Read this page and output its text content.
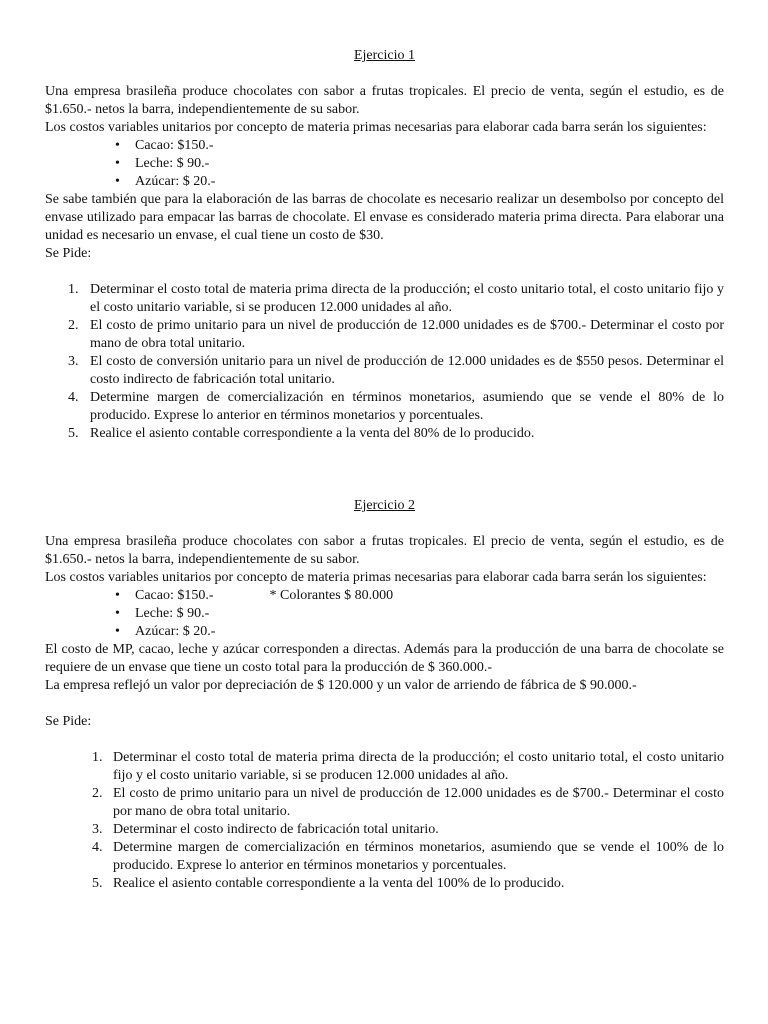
Ejercicio 1

Una empresa brasileña produce chocolates con sabor a frutas tropicales. El precio de venta, según el estudio, es de $1.650.- netos la barra, independientemente de su sabor.

Los costos variables unitarios por concepto de materia primas necesarias para elaborar cada barra serán los siguientes:

• Cacao: $150.-
• Leche: $ 90.-
• Azúcar: $ 20.-

Se sabe también que para la elaboración de las barras de chocolate es necesario realizar un desembolso por concepto del envase utilizado para empacar las barras de chocolate. El envase es considerado materia prima directa. Para elaborar una unidad es necesario un envase, el cual tiene un costo de $30.

Se Pide:

1. Determinar el costo total de materia prima directa de la producción; el costo unitario total, el costo unitario fijo y el costo unitario variable, si se producen 12.000 unidades al año.
2. El costo de primo unitario para un nivel de producción de 12.000 unidades es de $700.- Determinar el costo por mano de obra total unitario.
3. El costo de conversión unitario para un nivel de producción de 12.000 unidades es de $550 pesos. Determinar el costo indirecto de fabricación total unitario.
4. Determine margen de comercialización en términos monetarios, asumiendo que se vende el 80% de lo producido. Exprese lo anterior en términos monetarios y porcentuales.
5. Realice el asiento contable correspondiente a la venta del 80% de lo producido.
Ejercicio 2

Una empresa brasileña produce chocolates con sabor a frutas tropicales. El precio de venta, según el estudio, es de $1.650.- netos la barra, independientemente de su sabor.

Los costos variables unitarios por concepto de materia primas necesarias para elaborar cada barra serán los siguientes:

• Cacao: $150.-	* Colorantes $ 80.000
• Leche: $ 90.-
• Azúcar: $ 20.-

El costo de MP, cacao, leche y azúcar corresponden a directas. Además para la producción de una barra de chocolate se requiere de un envase que tiene un costo total para la producción de $ 360.000.-

La empresa reflejó un valor por depreciación de $ 120.000 y un valor de arriendo de fábrica de $ 90.000.-

Se Pide:

1. Determinar el costo total de materia prima directa de la producción; el costo unitario total, el costo unitario fijo y el costo unitario variable, si se producen 12.000 unidades al año.
2. El costo de primo unitario para un nivel de producción de 12.000 unidades es de $700.- Determinar el costo por mano de obra total unitario.
3. Determinar el costo indirecto de fabricación total unitario.
4. Determine margen de comercialización en términos monetarios, asumiendo que se vende el 100% de lo producido. Exprese lo anterior en términos monetarios y porcentuales.
5. Realice el asiento contable correspondiente a la venta del 100% de lo producido.
